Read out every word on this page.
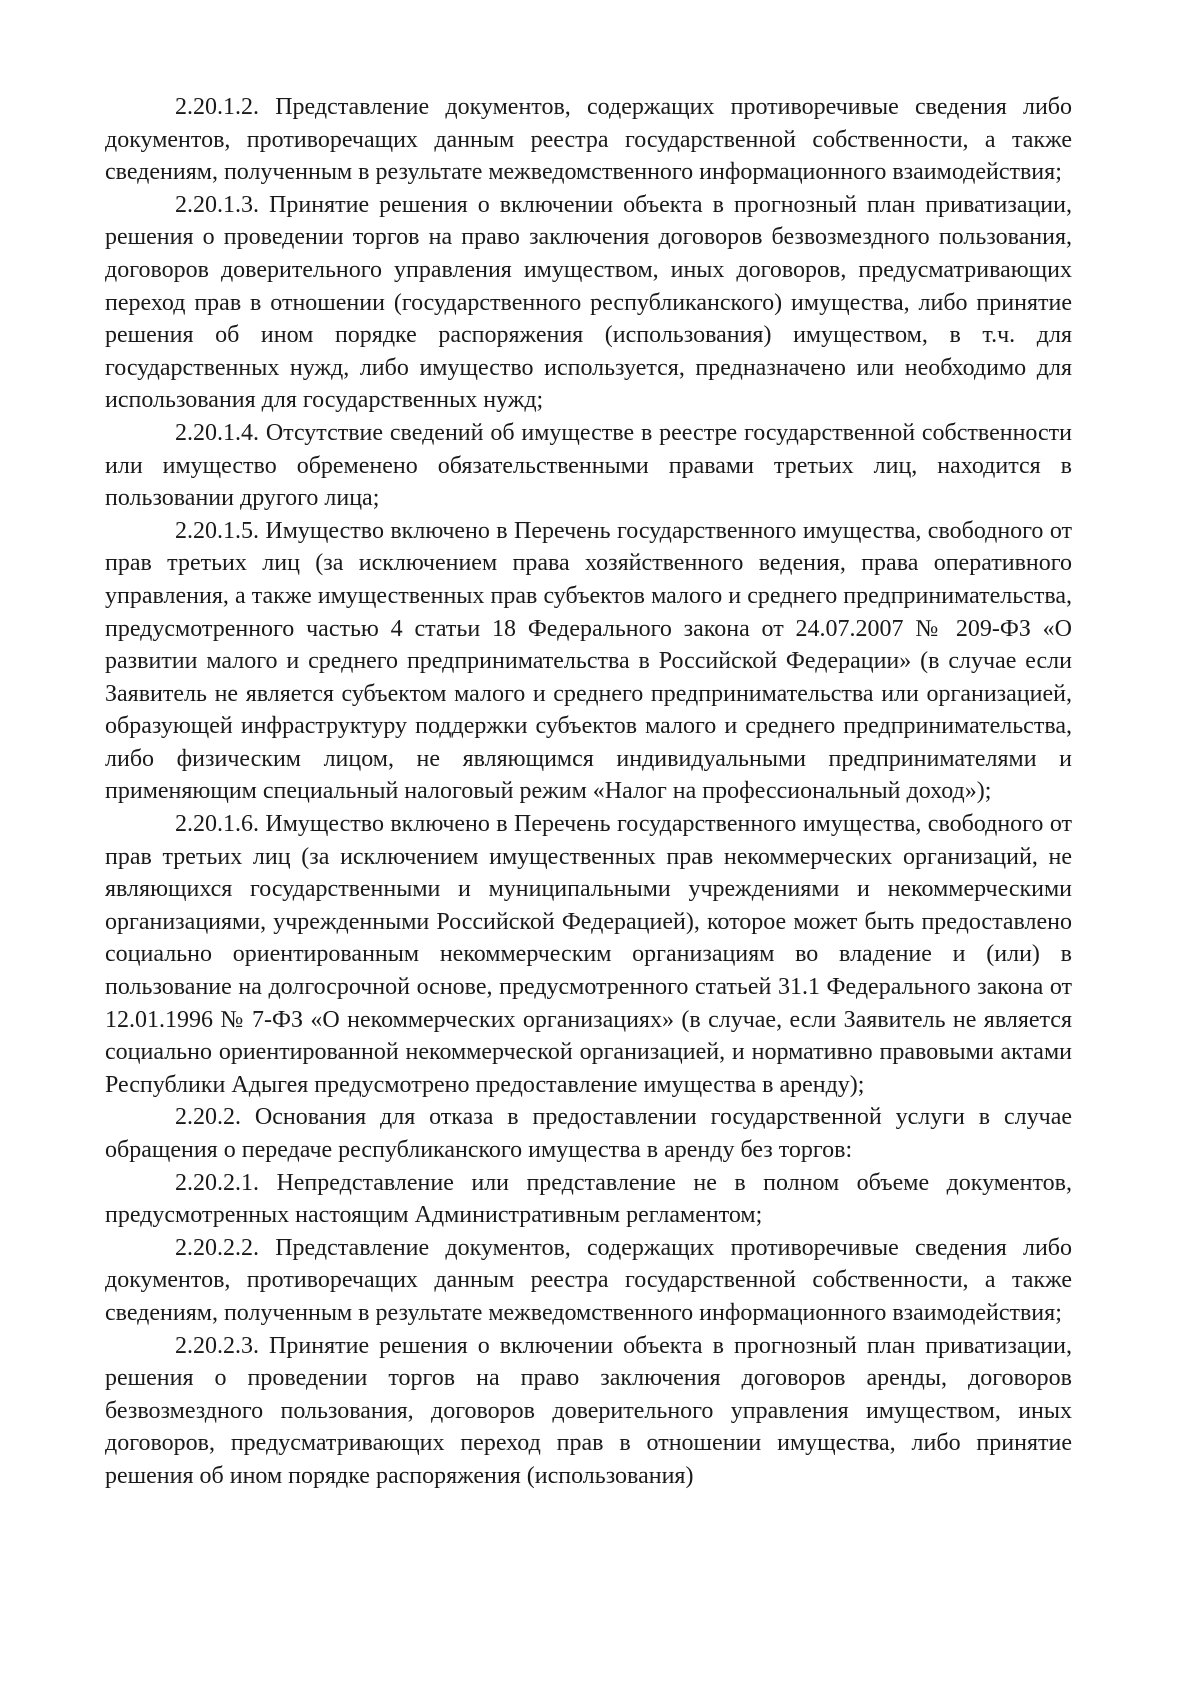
2.20.1.2. Представление документов, содержащих противоречивые сведения либо документов, противоречащих данным реестра государственной собственности, а также сведениям, полученным в результате межведомственного информационного взаимодействия;

2.20.1.3. Принятие решения о включении объекта в прогнозный план приватизации, решения о проведении торгов на право заключения договоров безвозмездного пользования, договоров доверительного управления имуществом, иных договоров, предусматривающих переход прав в отношении (государственного республиканского) имущества, либо принятие решения об ином порядке распоряжения (использования) имуществом, в т.ч. для государственных нужд, либо имущество используется, предназначено или необходимо для использования для государственных нужд;

2.20.1.4. Отсутствие сведений об имуществе в реестре государственной собственности или имущество обременено обязательственными правами третьих лиц, находится в пользовании другого лица;

2.20.1.5. Имущество включено в Перечень государственного имущества, свободного от прав третьих лиц (за исключением права хозяйственного ведения, права оперативного управления, а также имущественных прав субъектов малого и среднего предпринимательства, предусмотренного частью 4 статьи 18 Федерального закона от 24.07.2007 № 209-ФЗ «О развитии малого и среднего предпринимательства в Российской Федерации» (в случае если Заявитель не является субъектом малого и среднего предпринимательства или организацией, образующей инфраструктуру поддержки субъектов малого и среднего предпринимательства, либо физическим лицом, не являющимся индивидуальными предпринимателями и применяющим специальный налоговый режим «Налог на профессиональный доход»);

2.20.1.6. Имущество включено в Перечень государственного имущества, свободного от прав третьих лиц (за исключением имущественных прав некоммерческих организаций, не являющихся государственными и муниципальными учреждениями и некоммерческими организациями, учрежденными Российской Федерацией), которое может быть предоставлено социально ориентированным некоммерческим организациям во владение и (или) в пользование на долгосрочной основе, предусмотренного статьей 31.1 Федерального закона от 12.01.1996 № 7-ФЗ «О некоммерческих организациях» (в случае, если Заявитель не является социально ориентированной некоммерческой организацией, и нормативно правовыми актами Республики Адыгея предусмотрено предоставление имущества в аренду);

2.20.2. Основания для отказа в предоставлении государственной услуги в случае обращения о передаче республиканского имущества в аренду без торгов:

2.20.2.1. Непредставление или представление не в полном объеме документов, предусмотренных настоящим Административным регламентом;

2.20.2.2. Представление документов, содержащих противоречивые сведения либо документов, противоречащих данным реестра государственной собственности, а также сведениям, полученным в результате межведомственного информационного взаимодействия;

2.20.2.3. Принятие решения о включении объекта в прогнозный план приватизации, решения о проведении торгов на право заключения договоров аренды, договоров безвозмездного пользования, договоров доверительного управления имуществом, иных договоров, предусматривающих переход прав в отношении имущества, либо принятие решения об ином порядке распоряжения (использования)
